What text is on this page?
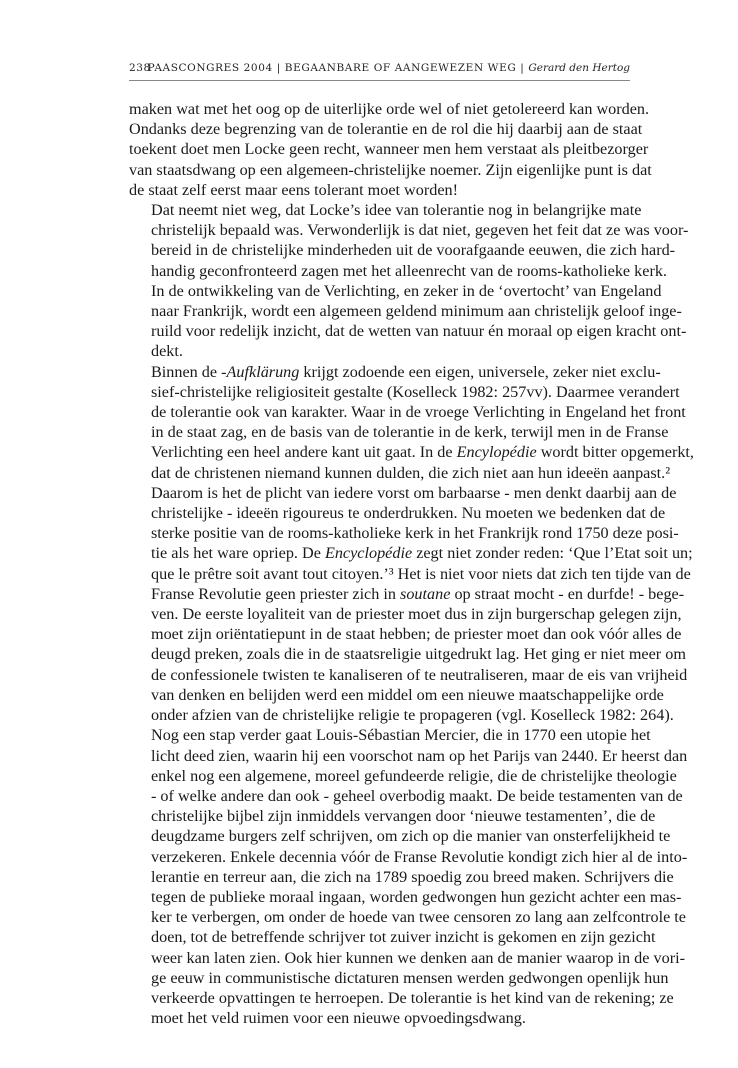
238
PAASCONGRES 2004 | BEGAANBARE OF AANGEWEZEN WEG | Gerard den Hertog

maken wat met het oog op de uiterlijke orde wel of niet getolereerd kan worden.
Ondanks deze begrenzing van de tolerantie en de rol die hij daarbij aan de staat
toekent doet men Locke geen recht, wanneer men hem verstaat als pleitbezorger
van staatsdwang op een algemeen-christelijke noemer. Zijn eigenlijke punt is dat
de staat zelf eerst maar eens tolerant moet worden!

Dat neemt niet weg, dat Locke’s idee van tolerantie nog in belangrijke mate
christelijk bepaald was. Verwonderlijk is dat niet, gegeven het feit dat ze was voor-
bereid in de christelijke minderheden uit de voorafgaande eeuwen, die zich hard-
handig geconfronteerd zagen met het alleenrecht van de rooms-katholieke kerk.
In de ontwikkeling van de Verlichting, en zeker in de ‘overtocht’ van Engeland
naar Frankrijk, wordt een algemeen geldend minimum aan christelijk geloof inge-
ruild voor redelijk inzicht, dat de wetten van natuur én moraal op eigen kracht ont-
dekt.

Binnen de -Aufklärung krijgt zodoende een eigen, universele, zeker niet exclu-
sief-christelijke religiositeit gestalte (Koselleck 1982: 257vv). Daarmee verandert
de tolerantie ook van karakter. Waar in de vroege Verlichting in Engeland het front
in de staat zag, en de basis van de tolerantie in de kerk, terwijl men in de Franse
Verlichting een heel andere kant uit gaat. In de Encylopédie wordt bitter opgemerkt,
dat de christenen niemand kunnen dulden, die zich niet aan hun ideeën aanpast.²
Daarom is het de plicht van iedere vorst om barbaarse - men denkt daarbij aan de
christelijke - ideeën rigoureus te onderdrukken. Nu moeten we bedenken dat de
sterke positie van de rooms-katholieke kerk in het Frankrijk rond 1750 deze posi-
tie als het ware opriep. De Encyclopédie zegt niet zonder reden: ‘Que l’Etat soit un;
que le prêtre soit avant tout citoyen.’³ Het is niet voor niets dat zich ten tijde van de
Franse Revolutie geen priester zich in soutane op straat mocht - en durfde! - bege-
ven. De eerste loyaliteit van de priester moet dus in zijn burgerschap gelegen zijn,
moet zijn oriëntatiepunt in de staat hebben; de priester moet dan ook vóór alles de
deugd preken, zoals die in de staatsreligie uitgedrukt lag. Het ging er niet meer om
de confessionele twisten te kanaliseren of te neutraliseren, maar de eis van vrijheid
van denken en belijden werd een middel om een nieuwe maatschappelijke orde
onder afzien van de christelijke religie te propageren (vgl. Koselleck 1982: 264).

Nog een stap verder gaat Louis-Sébastian Mercier, die in 1770 een utopie het
licht deed zien, waarin hij een voorschot nam op het Parijs van 2440. Er heerst dan
enkel nog een algemene, moreel gefundeerde religie, die de christelijke theologie
- of welke andere dan ook - geheel overbodig maakt. De beide testamenten van de
christelijke bijbel zijn inmiddels vervangen door ‘nieuwe testamenten’, die de
deugdzame burgers zelf schrijven, om zich op die manier van onsterfelijkheid te
verzekeren. Enkele decennia vóór de Franse Revolutie kondigt zich hier al de into-
lerantie en terreur aan, die zich na 1789 spoedig zou breed maken. Schrijvers die
tegen de publieke moraal ingaan, worden gedwongen hun gezicht achter een mas-
ker te verbergen, om onder de hoede van twee censoren zo lang aan zelfcontrole te
doen, tot de betreffende schrijver tot zuiver inzicht is gekomen en zijn gezicht
weer kan laten zien. Ook hier kunnen we denken aan de manier waarop in de vori-
ge eeuw in communistische dictaturen mensen werden gedwongen openlijk hun
verkeerde opvattingen te herroepen. De tolerantie is het kind van de rekening; ze
moet het veld ruimen voor een nieuwe opvoedingsdwang.
